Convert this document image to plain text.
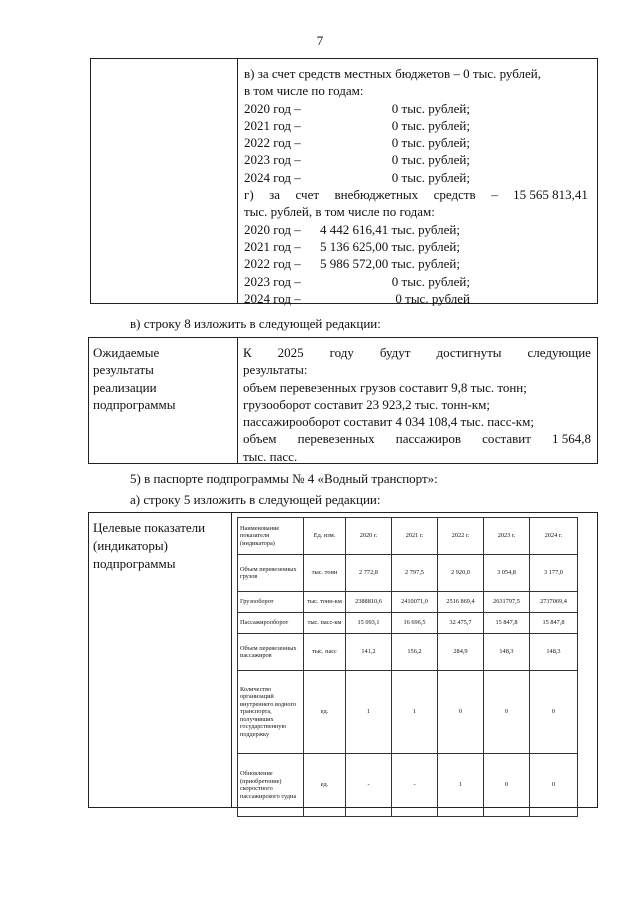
7
в) за счет средств местных бюджетов – 0 тыс. рублей,
в том числе по годам:
2020 год –	0 тыс. рублей;
2021 год –	0 тыс. рублей;
2022 год –	0 тыс. рублей;
2023 год –	0 тыс. рублей;
2024 год –	0 тыс. рублей;
г) за счет внебюджетных средств – 15 565 813,41
тыс. рублей, в том числе по годам:
2020 год – 4 442 616,41 тыс. рублей;
2021 год – 5 136 625,00 тыс. рублей;
2022 год – 5 986 572,00 тыс. рублей;
2023 год –	0 тыс. рублей;
2024 год –	0 тыс. рублей
в) строку 8 изложить в следующей редакции:
Ожидаемые
результаты
реализации
подпрограммы
К 2025 году будут достигнуты следующие
результаты:
объем перевезенных грузов составит 9,8 тыс. тонн;
грузооборот составит 23 923,2 тыс. тонн-км;
пассажирооборот составит 4 034 108,4 тыс. пасс-км;
объем перевезенных пассажиров составит 1 564,8
тыс. пасс.
5) в паспорте подпрограммы № 4 «Водный транспорт»:
а) строку 5 изложить в следующей редакции:
Целевые показатели
(индикаторы)
подпрограммы
Наименование показателя (индикатора)	Ед. изм.	2020 г.	2021 г.	2022 г.	2023 г.	2024 г.
Объем перевезенных грузов	тыс. тонн	2 772,8	2 797,5	2 920,0	3 054,8	3 177,0
Грузооборот	тыс. тонн-км	2388810,6	2410071,0	2516 869,4	2631797,5	2737069,4
Пассажирооборот	тыс. пасс-км	15 093,1	16 696,5	32 475,7	15 847,8	15 847,8
Объем перевезенных пассажиров	тыс. пасс	141,2	156,2	284,9	148,3	148,3
Количество организаций внутреннего водного транспорта, получивших государственную поддержку	ед.	1	1	0	0	0
Обновление (приобретение) скоростного пассажирского судна	ед.	-	-	1	0	0
